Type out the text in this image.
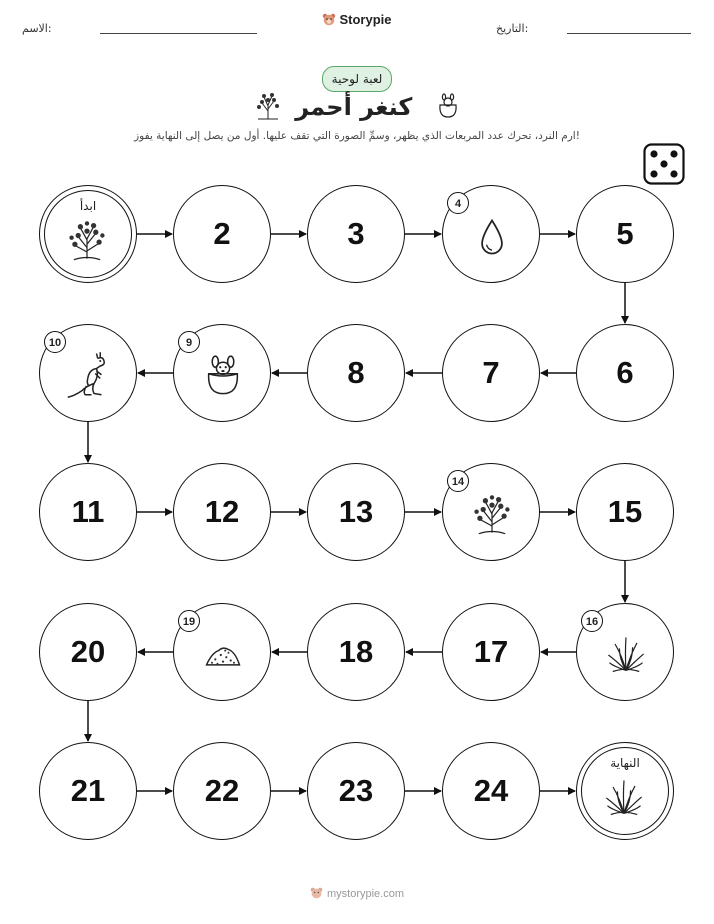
الاسم:	التاريخ:
Storypie
لعبة لوحية
كنغر أحمر
ارم النرد، تحرك عدد المربعات الذي يظهر، وسمِّ الصورة التي تقف عليها. أول من يصل إلى النهاية يفوز!
ابدأ
2	3
4
5
6
7
8
9
10
11	12	13
14
15
16
17
18
19
20
21	22	23	24
النهاية
mystorypie.com
